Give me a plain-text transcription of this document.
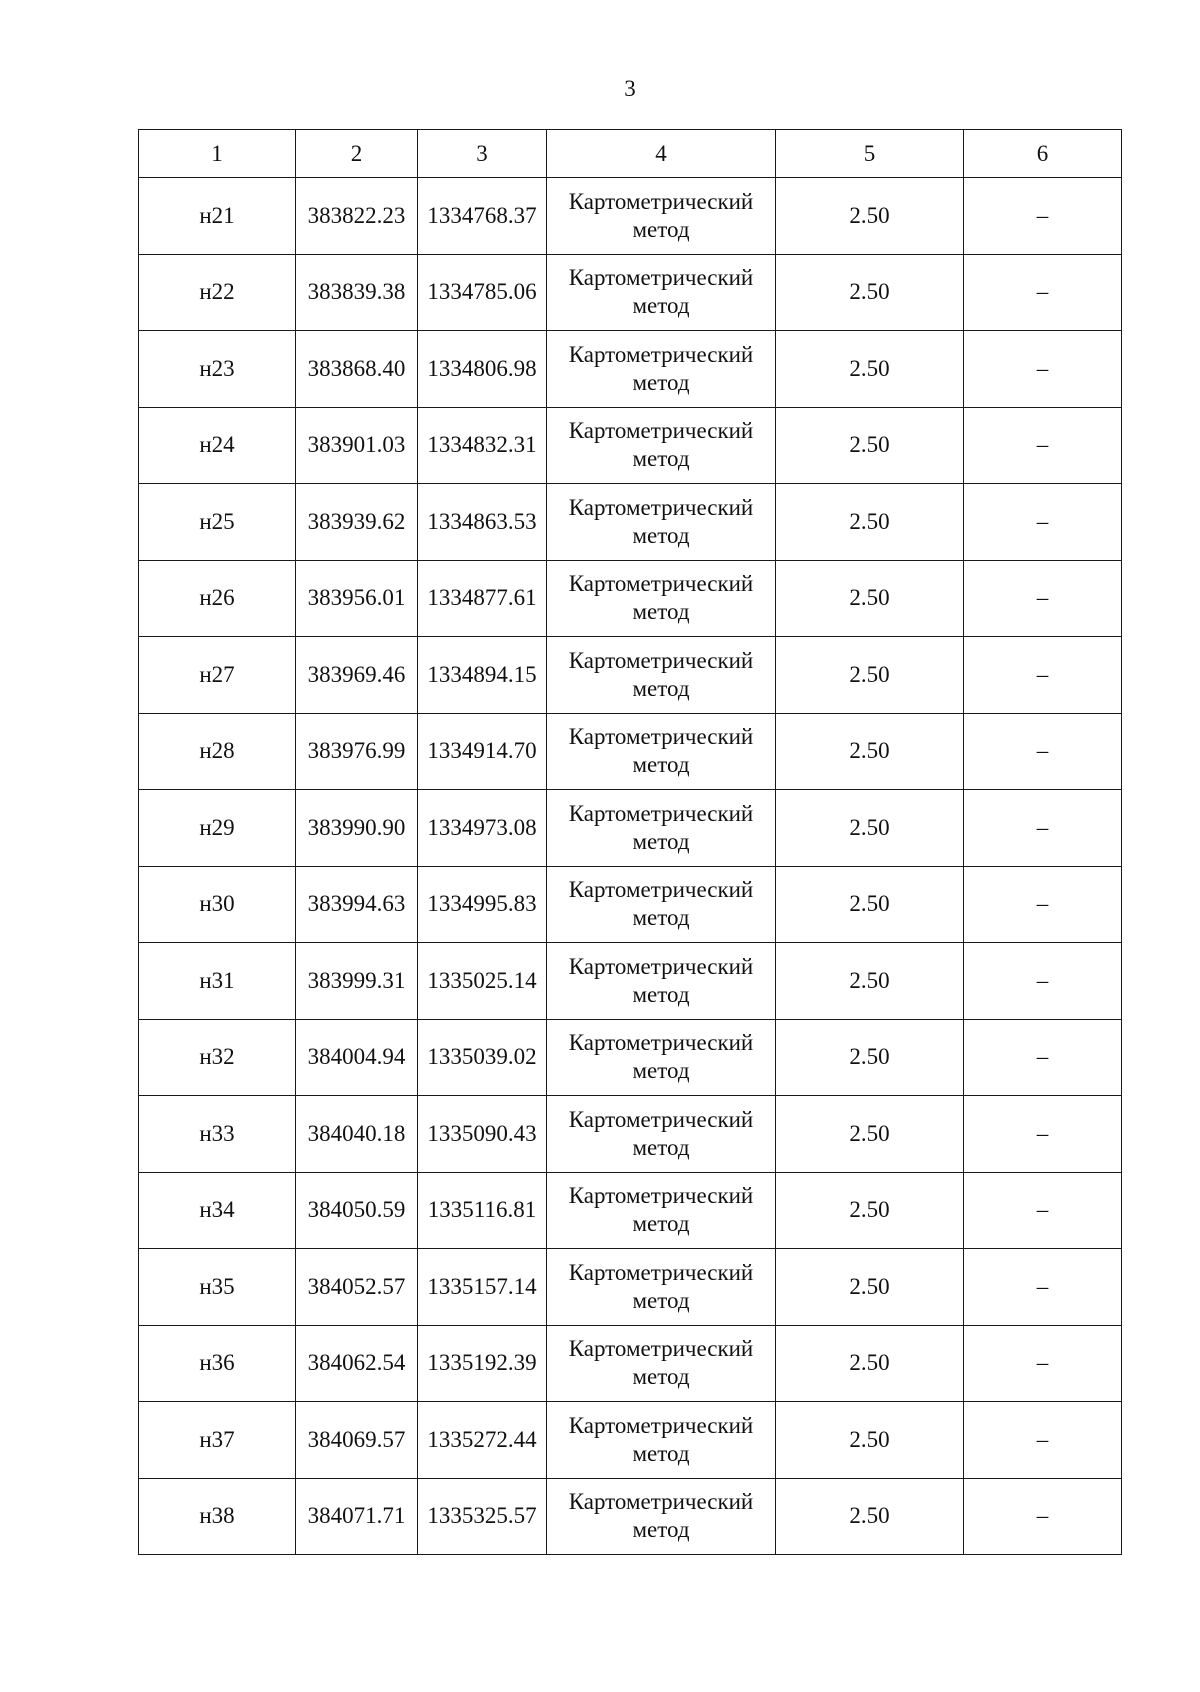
3
1	2	3	4	5	6
н21	383822.23	1334768.37	Картометрический метод	2.50	–
н22	383839.38	1334785.06	Картометрический метод	2.50	–
н23	383868.40	1334806.98	Картометрический метод	2.50	–
н24	383901.03	1334832.31	Картометрический метод	2.50	–
н25	383939.62	1334863.53	Картометрический метод	2.50	–
н26	383956.01	1334877.61	Картометрический метод	2.50	–
н27	383969.46	1334894.15	Картометрический метод	2.50	–
н28	383976.99	1334914.70	Картометрический метод	2.50	–
н29	383990.90	1334973.08	Картометрический метод	2.50	–
н30	383994.63	1334995.83	Картометрический метод	2.50	–
н31	383999.31	1335025.14	Картометрический метод	2.50	–
н32	384004.94	1335039.02	Картометрический метод	2.50	–
н33	384040.18	1335090.43	Картометрический метод	2.50	–
н34	384050.59	1335116.81	Картометрический метод	2.50	–
н35	384052.57	1335157.14	Картометрический метод	2.50	–
н36	384062.54	1335192.39	Картометрический метод	2.50	–
н37	384069.57	1335272.44	Картометрический метод	2.50	–
н38	384071.71	1335325.57	Картометрический метод	2.50	–
